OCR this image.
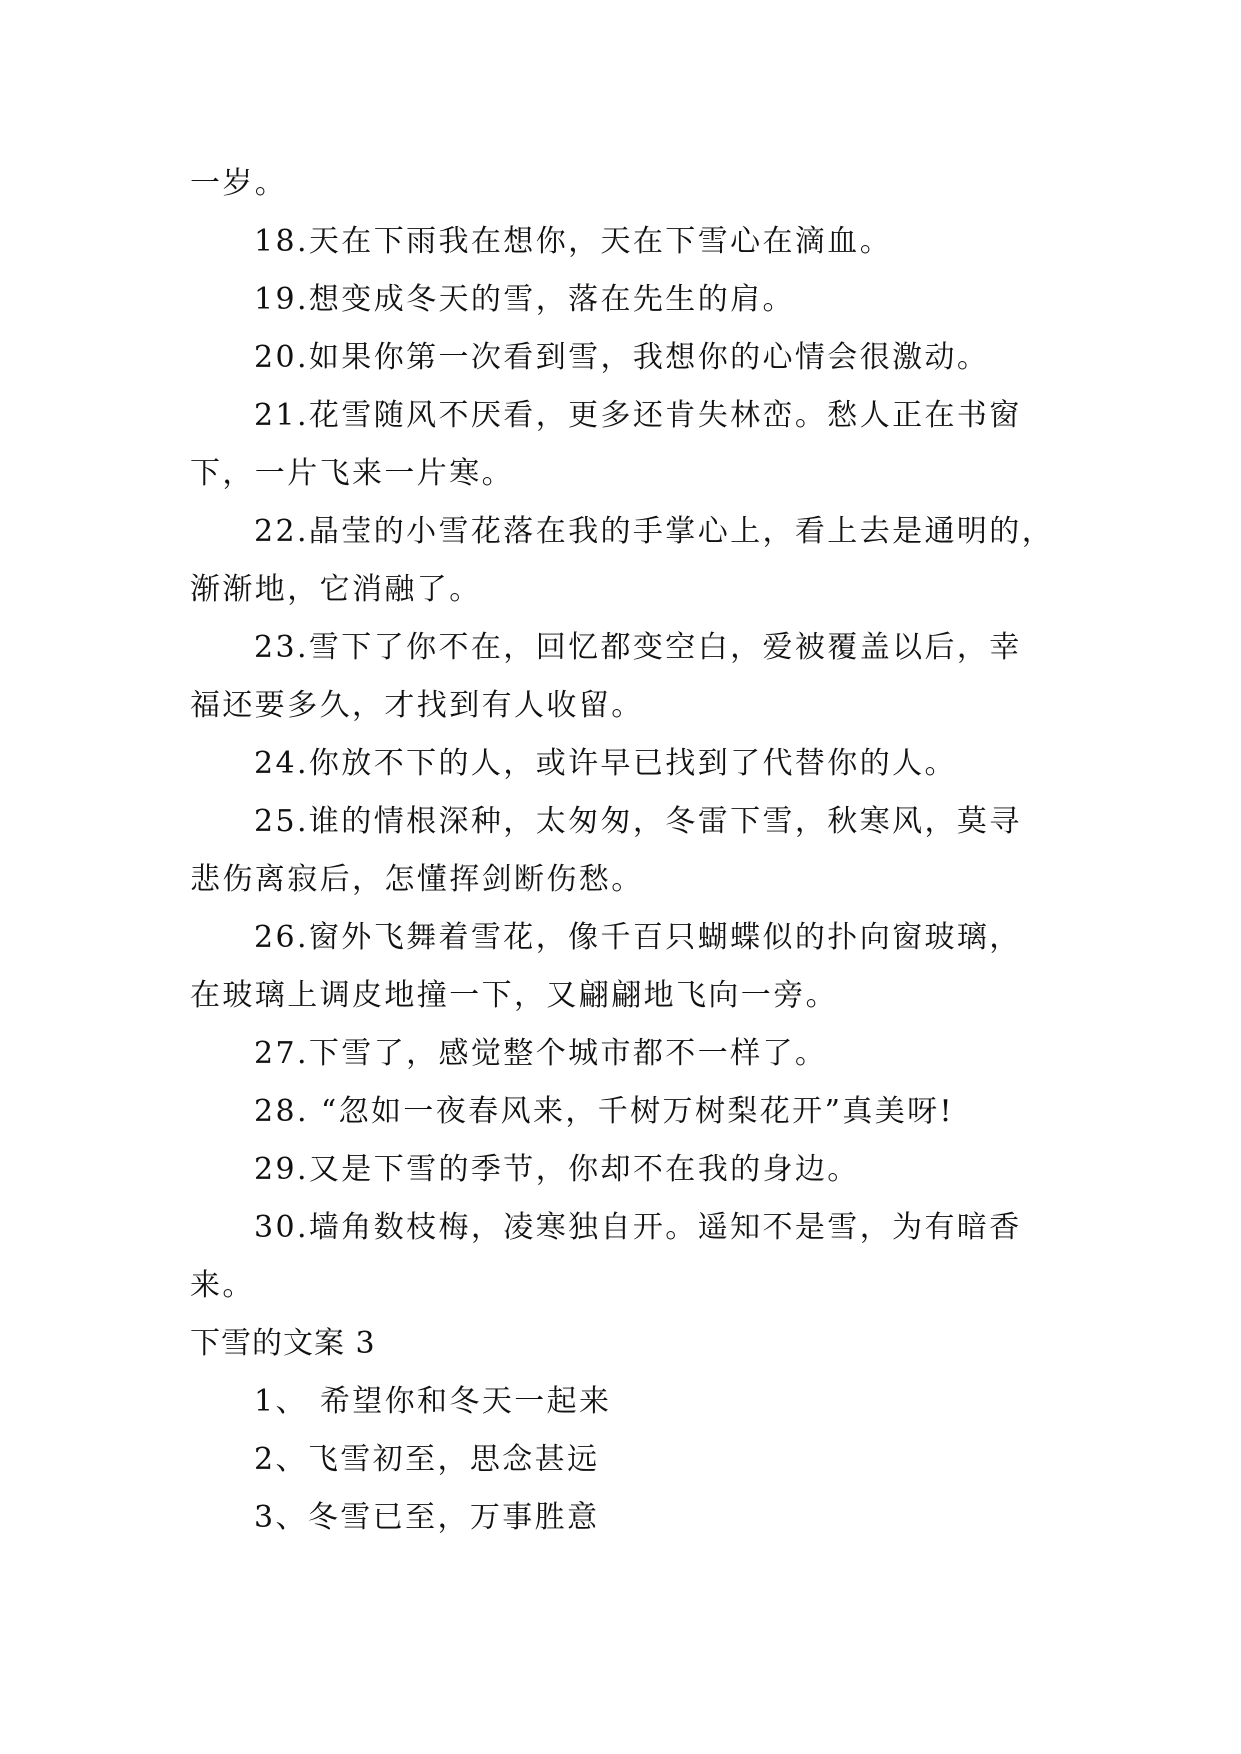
一岁。
18.天在下雨我在想你，天在下雪心在滴血。
19.想变成冬天的雪，落在先生的肩。
20.如果你第一次看到雪，我想你的心情会很激动。
21.花雪随风不厌看，更多还肯失林峦。愁人正在书窗
下，一片飞来一片寒。
22.晶莹的小雪花落在我的手掌心上，看上去是通明的，
渐渐地，它消融了。
23.雪下了你不在，回忆都变空白，爱被覆盖以后，幸
福还要多久，才找到有人收留。
24.你放不下的人，或许早已找到了代替你的人。
25.谁的情根深种，太匆匆，冬雷下雪，秋寒风，莫寻
悲伤离寂后，怎懂挥剑断伤愁。
26.窗外飞舞着雪花，像千百只蝴蝶似的扑向窗玻璃，
在玻璃上调皮地撞一下，又翩翩地飞向一旁。
27.下雪了，感觉整个城市都不一样了。
28. “忽如一夜春风来，千树万树梨花开”真美呀!
29.又是下雪的季节，你却不在我的身边。
30.墙角数枝梅，凌寒独自开。遥知不是雪，为有暗香
来。
下雪的文案 3
1、 希望你和冬天一起来
2、飞雪初至，思念甚远
3、冬雪已至，万事胜意
